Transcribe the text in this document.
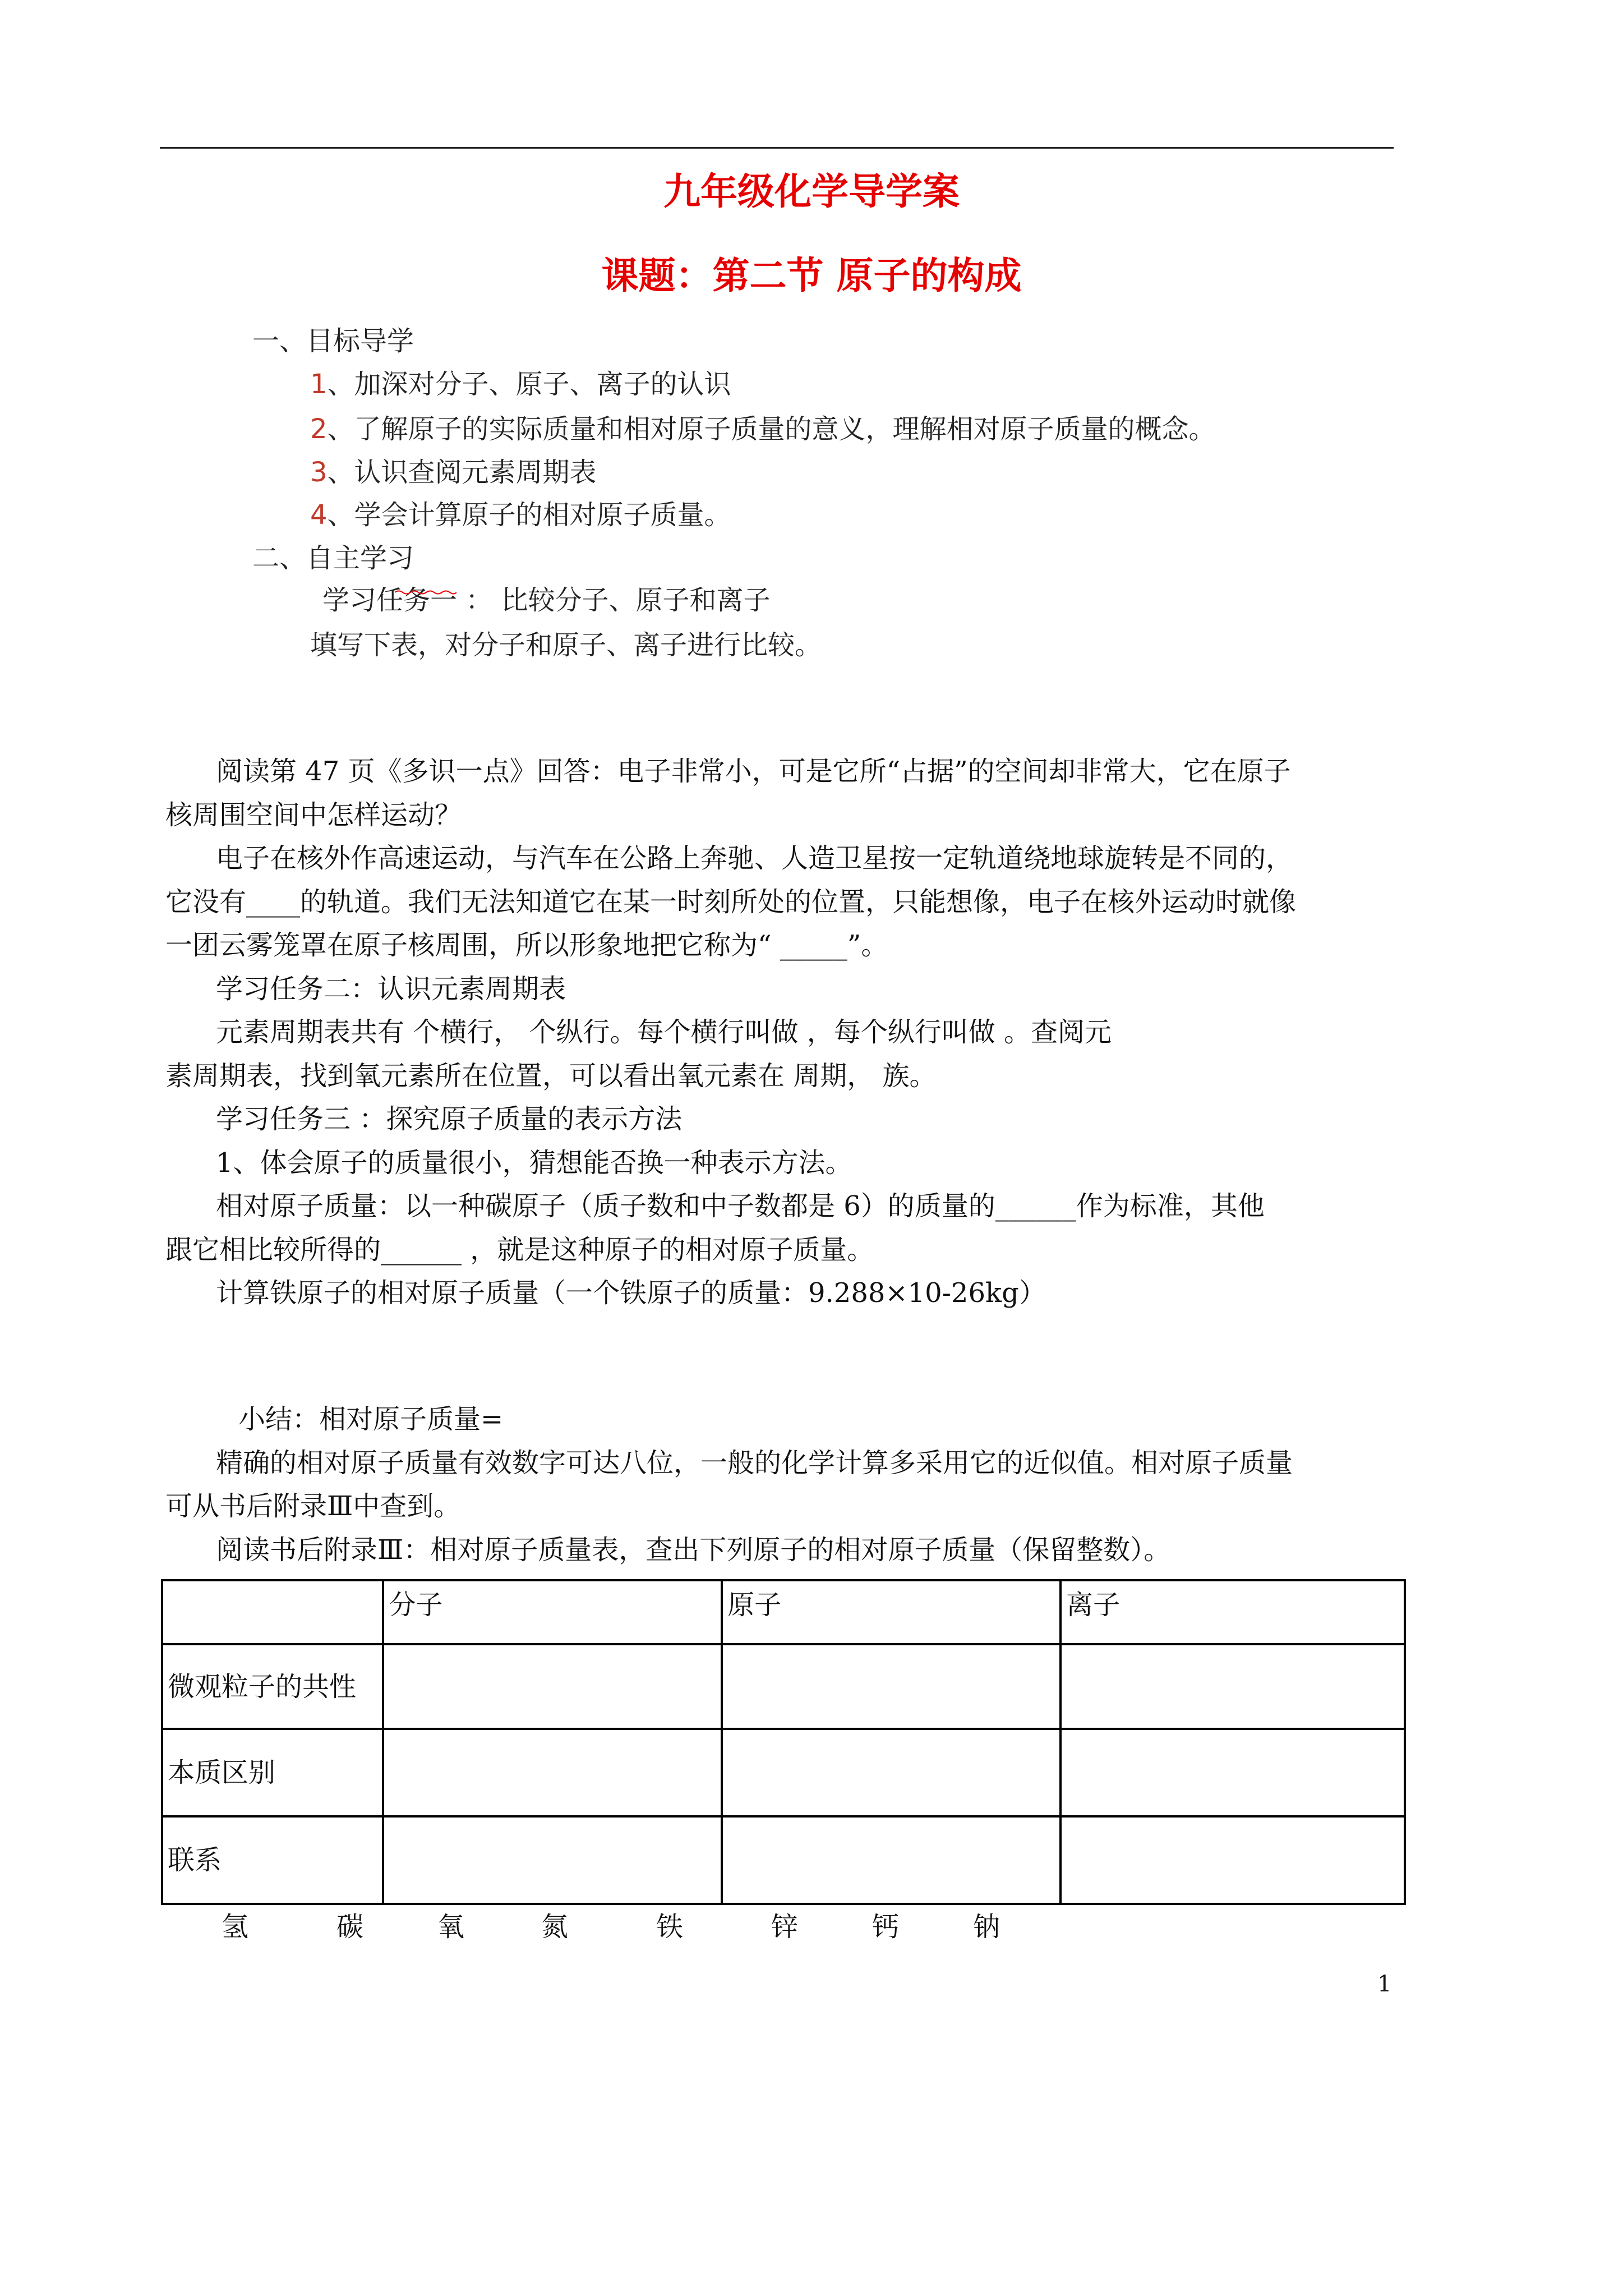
九年级化学导学案
课题：第二节 原子的构成
一、目标导学
1、加深对分子、原子、离子的认识
2、了解原子的实际质量和相对原子质量的意义，理解相对原子质量的概念。
3、认识查阅元素周期表
4、学会计算原子的相对原子质量。
二、自主学习
学习任务一 ： 比较分子、原子和离子
填写下表，对分子和原子、离子进行比较。
阅读第 47 页《多识一点》回答：电子非常小，可是它所“占据”的空间却非常大，它在原子
核周围空间中怎样运动？
电子在核外作高速运动，与汽车在公路上奔驰、人造卫星按一定轨道绕地球旋转是不同的，
它没有____的轨道。我们无法知道它在某一时刻所处的位置，只能想像，电子在核外运动时就像
一团云雾笼罩在原子核周围，所以形象地把它称为“ _____”。
学习任务二：认识元素周期表
元素周期表共有 个横行， 个纵行。每个横行叫做 ，每个纵行叫做 。查阅元
素周期表，找到氧元素所在位置，可以看出氧元素在 周期， 族。
学习任务三 ：探究原子质量的表示方法
1、体会原子的质量很小，猜想能否换一种表示方法。
相对原子质量：以一种碳原子（质子数和中子数都是 6）的质量的______作为标准，其他
跟它相比较所得的______ ，就是这种原子的相对原子质量。
计算铁原子的相对原子质量（一个铁原子的质量：9.288×10-26kg）
小结：相对原子质量=
精确的相对原子质量有效数字可达八位，一般的化学计算多采用它的近似值。相对原子质量
可从书后附录Ⅲ中查到。
阅读书后附录Ⅲ：相对原子质量表，查出下列原子的相对原子质量（保留整数）。
	分子	原子	离子
微观粒子的共性			
本质区别			
联系			
氢	碳	氧	氮	铁	锌	钙	钠
1
